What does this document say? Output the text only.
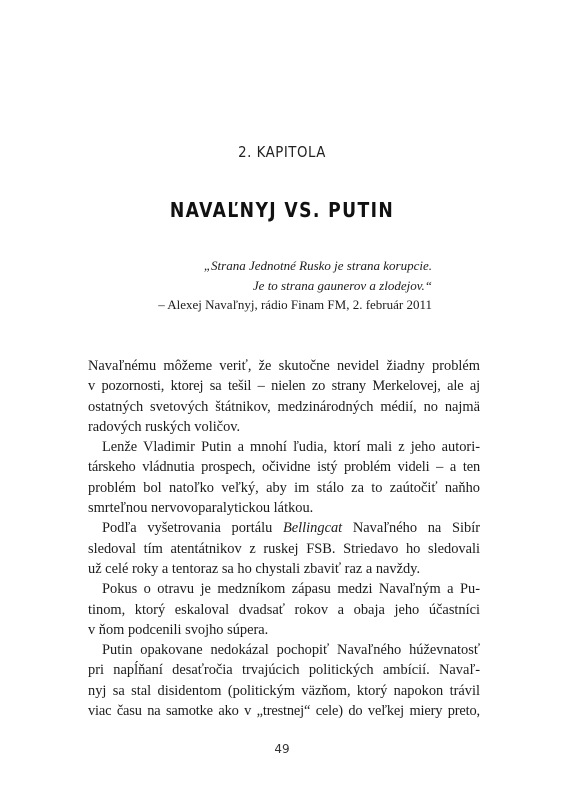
2. KAPITOLA
NAVAĽNYJ VS. PUTIN
„Strana Jednotné Rusko je strana korupcie.
Je to strana gaunerov a zlodejov.“
– Alexej Navaľnyj, rádio Finam FM, 2. február 2011
Navaľnému môžeme veriť, že skutočne nevidel žiadny problém
v pozornosti, ktorej sa tešil – nielen zo strany Merkelovej, ale aj
ostatných svetových štátnikov, medzinárodných médií, no najmä
radových ruských voličov.
Lenže Vladimir Putin a mnohí ľudia, ktorí mali z jeho autori-
társkeho vládnutia prospech, očividne istý problém videli – a ten
problém bol natoľko veľký, aby im stálo za to zaútočiť naňho
smrteľnou nervovoparalytickou látkou.
Podľa vyšetrovania portálu Bellingcat Navaľného na Sibír
sledoval tím atentátnikov z ruskej FSB. Striedavo ho sledovali
už celé roky a tentoraz sa ho chystali zbaviť raz a navždy.
Pokus o otravu je medzníkom zápasu medzi Navaľným a Pu-
tinom, ktorý eskaloval dvadsať rokov a obaja jeho účastníci
v ňom podcenili svojho súpera.
Putin opakovane nedokázal pochopiť Navaľného húževnatosť
pri napĺňaní desaťročia trvajúcich politických ambícií. Navaľ-
nyj sa stal disidentom (politickým väzňom, ktorý napokon trávil
viac času na samotke ako v „trestnej“ cele) do veľkej miery preto,
49
